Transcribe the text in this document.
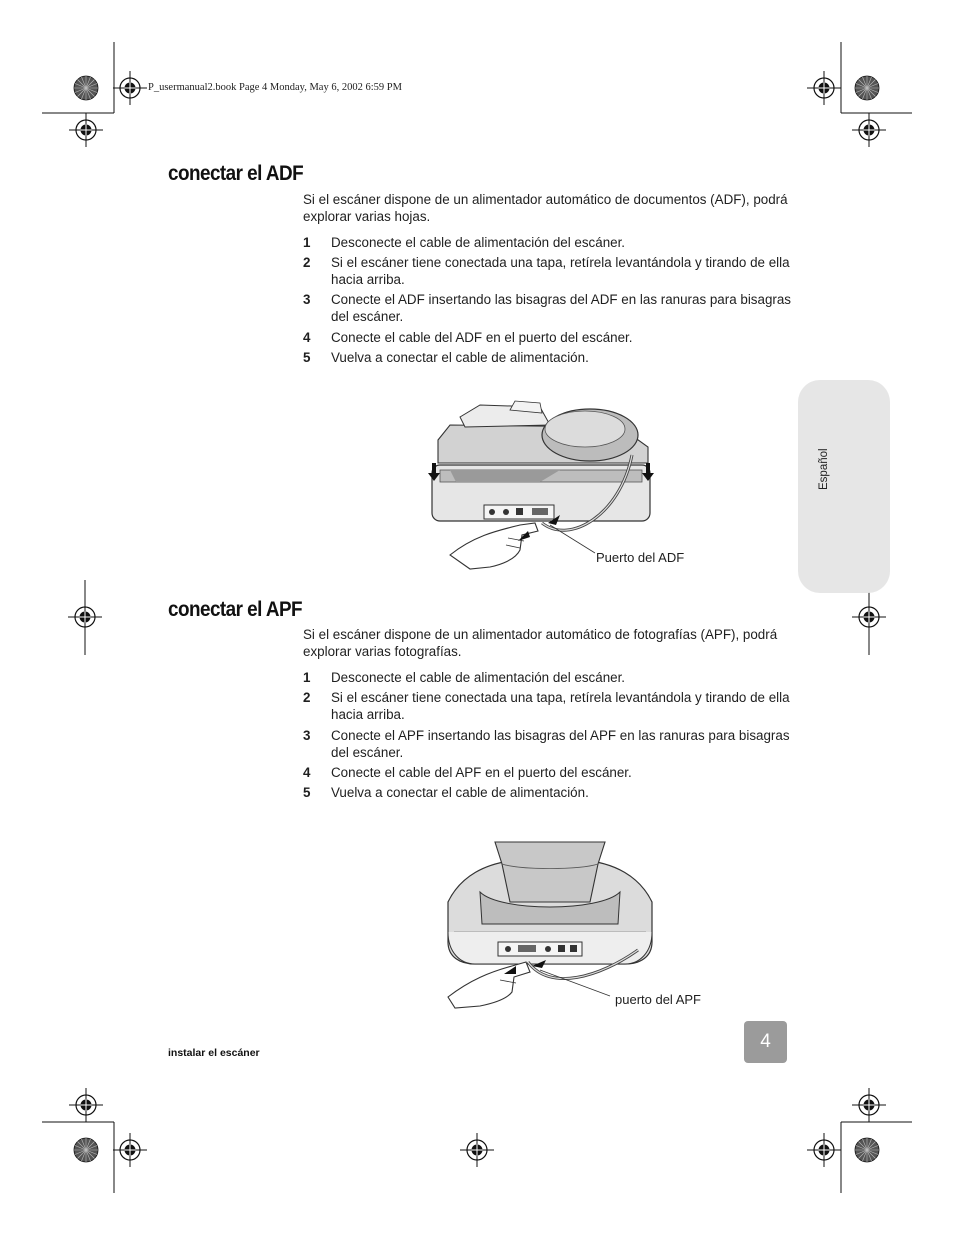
P_usermanual2.book Page 4 Monday, May 6, 2002 6:59 PM
Español
conectar el ADF
Si el escáner dispone de un alimentador automático de documentos (ADF), podrá explorar varias hojas.
1 Desconecte el cable de alimentación del escáner.
2 Si el escáner tiene conectada una tapa, retírela levantándola y tirando de ella hacia arriba.
3 Conecte el ADF insertando las bisagras del ADF en las ranuras para bisagras del escáner.
4 Conecte el cable del ADF en el puerto del escáner.
5 Vuelva a conectar el cable de alimentación.
Puerto del ADF
conectar el APF
Si el escáner dispone de un alimentador automático de fotografías (APF), podrá explorar varias fotografías.
1 Desconecte el cable de alimentación del escáner.
2 Si el escáner tiene conectada una tapa, retírela levantándola y tirando de ella hacia arriba.
3 Conecte el APF insertando las bisagras del APF en las ranuras para bisagras del escáner.
4 Conecte el cable del APF en el puerto del escáner.
5 Vuelva a conectar el cable de alimentación.
puerto del APF
instalar el escáner
4
